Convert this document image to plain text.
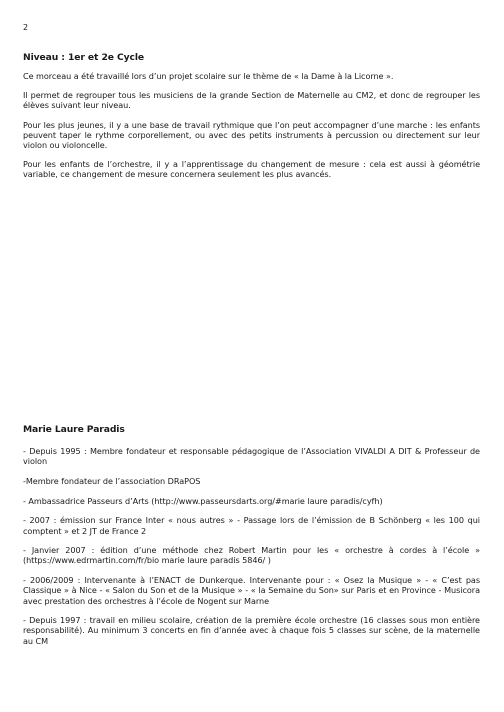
2
Niveau : 1er et 2e Cycle

Ce morceau a été travaillé lors d’un projet scolaire sur le thème de « la Dame à la Licorne ».

Il permet de regrouper tous les musiciens de la grande Section de Maternelle au CM2, et donc de regrouper les élèves suivant leur niveau.

Pour les plus jeunes, il y a une base de travail rythmique que l’on peut accompagner d’une marche : les enfants peuvent taper le rythme corporellement, ou avec des petits instruments à percussion ou directement sur leur violon ou violoncelle.

Pour les enfants de l’orchestre, il y a l’apprentissage du changement de mesure : cela est aussi à géométrie variable, ce changement de mesure concernera seulement les plus avancés.

Marie Laure Paradis

- Depuis 1995 : Membre fondateur et responsable pédagogique de l’Association VIVALDI A DIT & Professeur de violon

-Membre fondateur de l’association DRaPOS

- Ambassadrice Passeurs d’Arts (http://www.passeursdarts.org/#marie laure paradis/cyfh)

- 2007 : émission sur France Inter « nous autres » - Passage lors de l’émission de B Schönberg « les 100 qui comptent » et 2 JT de France 2

- Janvier 2007 : édition d’une méthode chez Robert Martin pour les « orchestre à cordes à l’école » (https://www.edrmartin.com/fr/bio marie laure paradis 5846/ )

- 2006/2009 : Intervenante à l’ENACT de Dunkerque. Intervenante pour : « Osez la Musique » - « C’est pas Classique » à Nice - « Salon du Son et de la Musique » - « la Semaine du Son» sur Paris et en Province - Musicora avec prestation des orchestres à l’école de Nogent sur Marne

- Depuis 1997 : travail en milieu scolaire, création de la première école orchestre (16 classes sous mon entière responsabilité). Au minimum 3 concerts en fin d’année avec à chaque fois 5 classes sur scène, de la maternelle au CM
